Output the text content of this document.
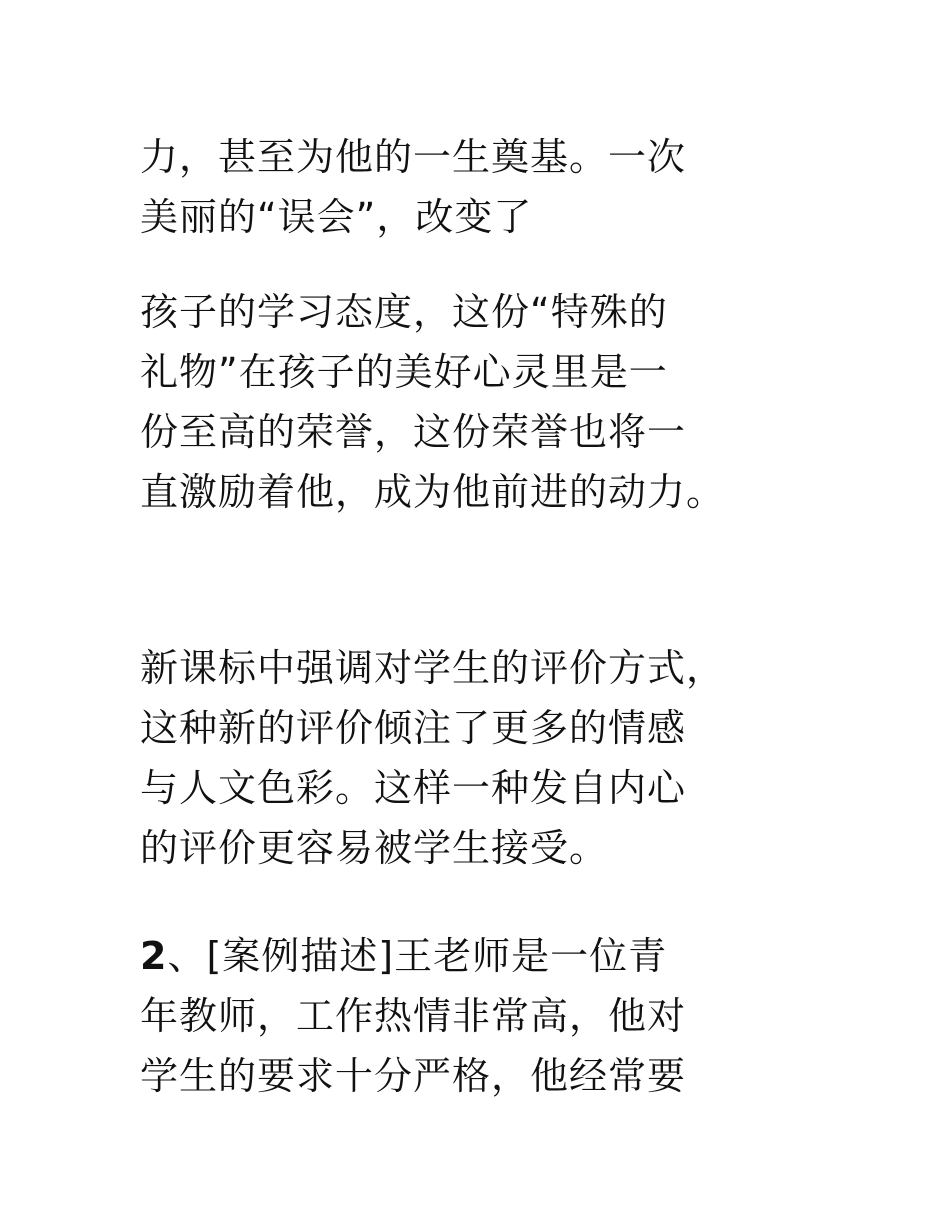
力，甚至为他的一生奠基。一次
美丽的“误会”，改变了
孩子的学习态度，这份“特殊的
礼物”在孩子的美好心灵里是一
份至高的荣誉，这份荣誉也将一
直激励着他，成为他前进的动力。
新课标中强调对学生的评价方式，
这种新的评价倾注了更多的情感
与人文色彩。这样一种发自内心
的评价更容易被学生接受。
2、[案例描述]王老师是一位青
年教师，工作热情非常高，他对
学生的要求十分严格，他经常要
